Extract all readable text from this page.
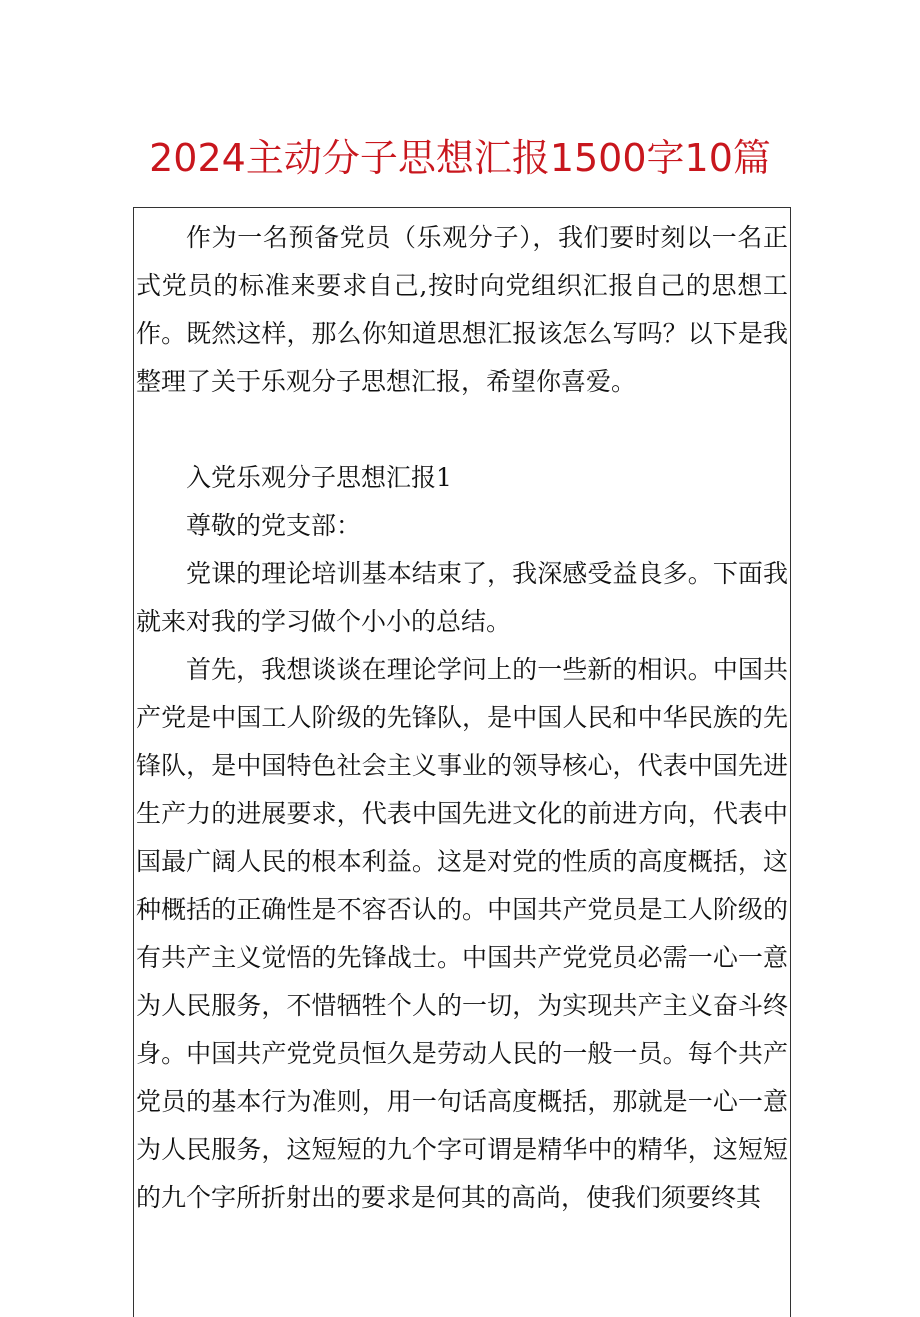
2024主动分子思想汇报1500字10篇

作为一名预备党员（乐观分子），我们要时刻以一名正式党员的标准来要求自己,按时向党组织汇报自己的思想工作。既然这样，那么你知道思想汇报该怎么写吗？以下是我整理了关于乐观分子思想汇报，希望你喜爱。

入党乐观分子思想汇报1

尊敬的党支部：

党课的理论培训基本结束了，我深感受益良多。下面我就来对我的学习做个小小的总结。

首先，我想谈谈在理论学问上的一些新的相识。中国共产党是中国工人阶级的先锋队，是中国人民和中华民族的先锋队，是中国特色社会主义事业的领导核心，代表中国先进生产力的进展要求，代表中国先进文化的前进方向，代表中国最广阔人民的根本利益。这是对党的性质的高度概括，这种概括的正确性是不容否认的。中国共产党员是工人阶级的有共产主义觉悟的先锋战士。中国共产党党员必需一心一意为人民服务，不惜牺牲个人的一切，为实现共产主义奋斗终身。中国共产党党员恒久是劳动人民的一般一员。每个共产党员的基本行为准则，用一句话高度概括，那就是一心一意为人民服务，这短短的九个字可谓是精华中的精华，这短短的九个字所折射出的要求是何其的高尚，使我们须要终其
